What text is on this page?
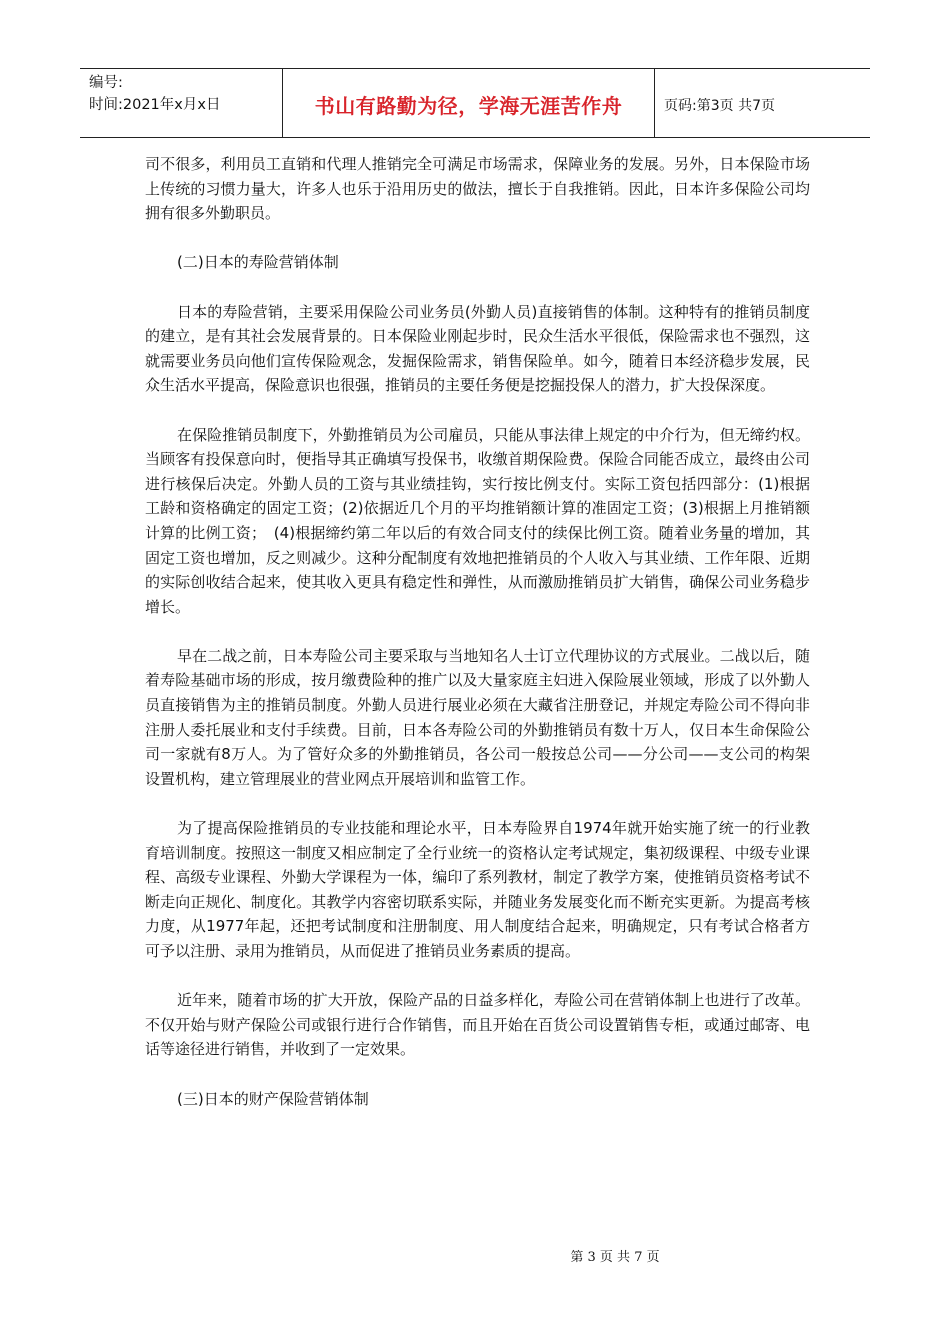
编号:
时间:2021年x月x日	书山有路勤为径，学海无涯苦作舟	页码:第3页 共7页

司不很多，利用员工直销和代理人推销完全可满足市场需求，保障业务的发展。另外，日本保险市场上传统的习惯力量大，许多人也乐于沿用历史的做法，擅长于自我推销。因此，日本许多保险公司均拥有很多外勤职员。

(二)日本的寿险营销体制

日本的寿险营销，主要采用保险公司业务员(外勤人员)直接销售的体制。这种特有的推销员制度的建立，是有其社会发展背景的。日本保险业刚起步时，民众生活水平很低，保险需求也不强烈，这就需要业务员向他们宣传保险观念，发掘保险需求，销售保险单。如今，随着日本经济稳步发展，民众生活水平提高，保险意识也很强，推销员的主要任务便是挖掘投保人的潜力，扩大投保深度。

在保险推销员制度下，外勤推销员为公司雇员，只能从事法律上规定的中介行为，但无缔约权。当顾客有投保意向时，便指导其正确填写投保书，收缴首期保险费。保险合同能否成立，最终由公司进行核保后决定。外勤人员的工资与其业绩挂钩，实行按比例支付。实际工资包括四部分：(1)根据工龄和资格确定的固定工资；(2)依据近几个月的平均推销额计算的准固定工资；(3)根据上月推销额计算的比例工资；　(4)根据缔约第二年以后的有效合同支付的续保比例工资。随着业务量的增加，其固定工资也增加，反之则减少。这种分配制度有效地把推销员的个人收入与其业绩、工作年限、近期的实际创收结合起来，使其收入更具有稳定性和弹性，从而激励推销员扩大销售，确保公司业务稳步增长。

早在二战之前，日本寿险公司主要采取与当地知名人士订立代理协议的方式展业。二战以后，随着寿险基础市场的形成，按月缴费险种的推广以及大量家庭主妇进入保险展业领域，形成了以外勤人员直接销售为主的推销员制度。外勤人员进行展业必须在大藏省注册登记，并规定寿险公司不得向非注册人委托展业和支付手续费。目前，日本各寿险公司的外勤推销员有数十万人，仅日本生命保险公司一家就有8万人。为了管好众多的外勤推销员，各公司一般按总公司——分公司——支公司的构架设置机构，建立管理展业的营业网点开展培训和监管工作。

为了提高保险推销员的专业技能和理论水平，日本寿险界自1974年就开始实施了统一的行业教育培训制度。按照这一制度又相应制定了全行业统一的资格认定考试规定，集初级课程、中级专业课程、高级专业课程、外勤大学课程为一体，编印了系列教材，制定了教学方案，使推销员资格考试不断走向正规化、制度化。其教学内容密切联系实际，并随业务发展变化而不断充实更新。为提高考核力度，从1977年起，还把考试制度和注册制度、用人制度结合起来，明确规定，只有考试合格者方可予以注册、录用为推销员，从而促进了推销员业务素质的提高。

近年来，随着市场的扩大开放，保险产品的日益多样化，寿险公司在营销体制上也进行了改革。不仅开始与财产保险公司或银行进行合作销售，而且开始在百货公司设置销售专柜，或通过邮寄、电话等途径进行销售，并收到了一定效果。

(三)日本的财产保险营销体制

第 3 页 共 7 页
